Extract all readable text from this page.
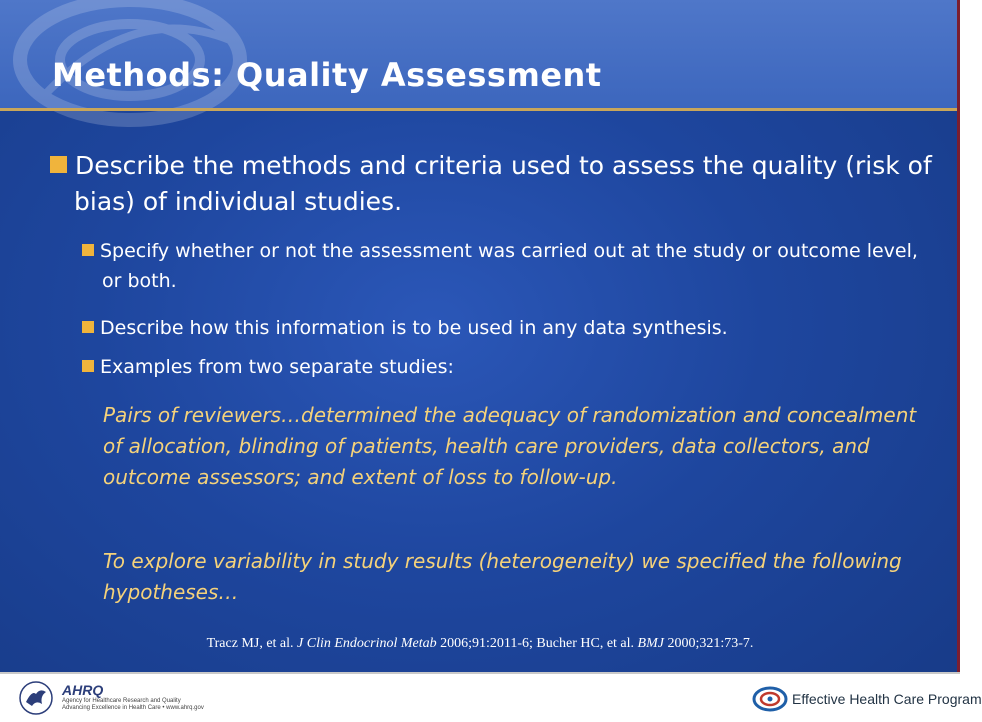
Methods: Quality Assessment
Describe the methods and criteria used to assess the quality (risk of bias) of individual studies.
Specify whether or not the assessment was carried out at the study or outcome level, or both.
Describe how this information is to be used in any data synthesis.
Examples from two separate studies:
Pairs of reviewers…determined the adequacy of randomization and concealment of allocation, blinding of patients, health care providers, data collectors, and outcome assessors; and extent of loss to follow-up.
To explore variability in study results (heterogeneity) we specified the following hypotheses…
Tracz MJ, et al. J Clin Endocrinol Metab 2006;91:2011-6; Bucher HC, et al. BMJ 2000;321:73-7.
AHRQ
Agency for Healthcare Research and Quality
Advancing Excellence in Health Care • www.ahrq.gov
Effective Health Care Program
